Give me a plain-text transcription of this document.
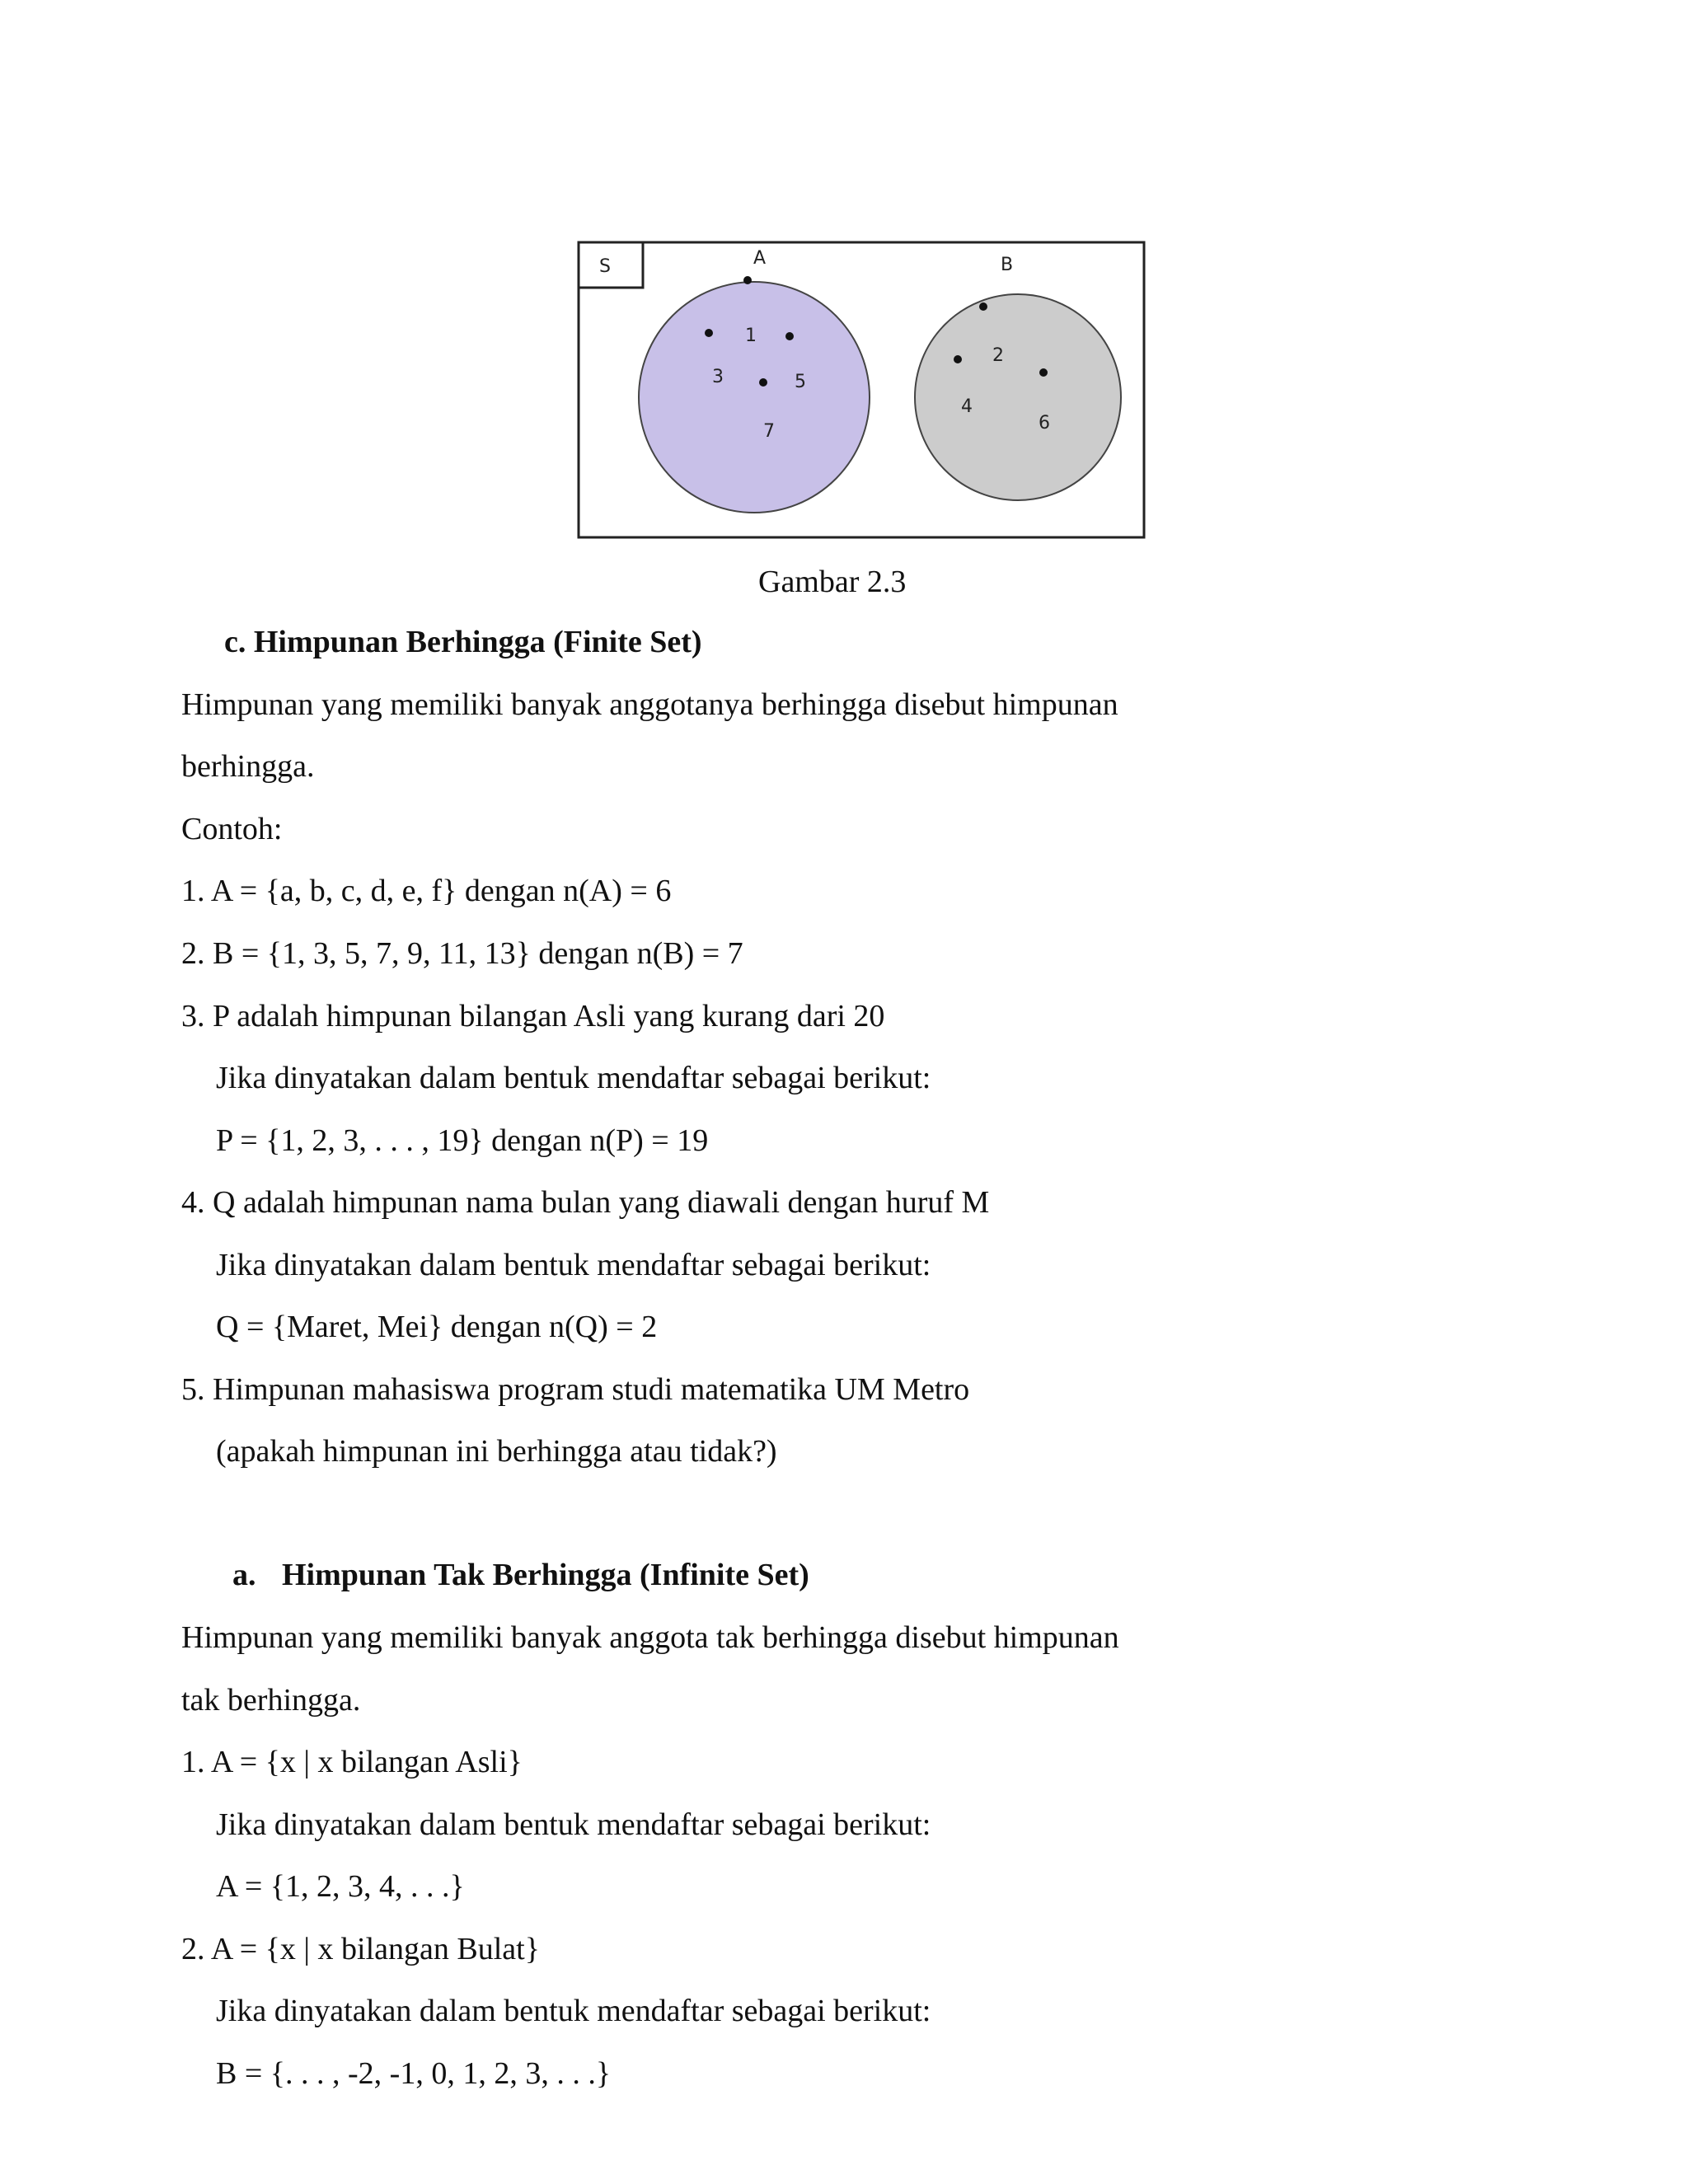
S	A	B
1
3	5
7
2
4
6
Gambar 2.3
c. Himpunan Berhingga (Finite Set)
Himpunan yang memiliki banyak anggotanya berhingga disebut himpunan
berhingga.
Contoh:
1. A = {a, b, c, d, e, f} dengan n(A) = 6
2. B = {1, 3, 5, 7, 9, 11, 13} dengan n(B) = 7
3. P adalah himpunan bilangan Asli yang kurang dari 20
Jika dinyatakan dalam bentuk mendaftar sebagai berikut:
P = {1, 2, 3, . . . , 19} dengan n(P) = 19
4. Q adalah himpunan nama bulan yang diawali dengan huruf M
Jika dinyatakan dalam bentuk mendaftar sebagai berikut:
Q = {Maret, Mei} dengan n(Q) = 2
5. Himpunan mahasiswa program studi matematika UM Metro
(apakah himpunan ini berhingga atau tidak?)
a. Himpunan Tak Berhingga (Infinite Set)
Himpunan yang memiliki banyak anggota tak berhingga disebut himpunan
tak berhingga.
1. A = {x | x bilangan Asli}
Jika dinyatakan dalam bentuk mendaftar sebagai berikut:
A = {1, 2, 3, 4, . . .}
2. A = {x | x bilangan Bulat}
Jika dinyatakan dalam bentuk mendaftar sebagai berikut:
B = {. . . , -2, -1, 0, 1, 2, 3, . . .}
